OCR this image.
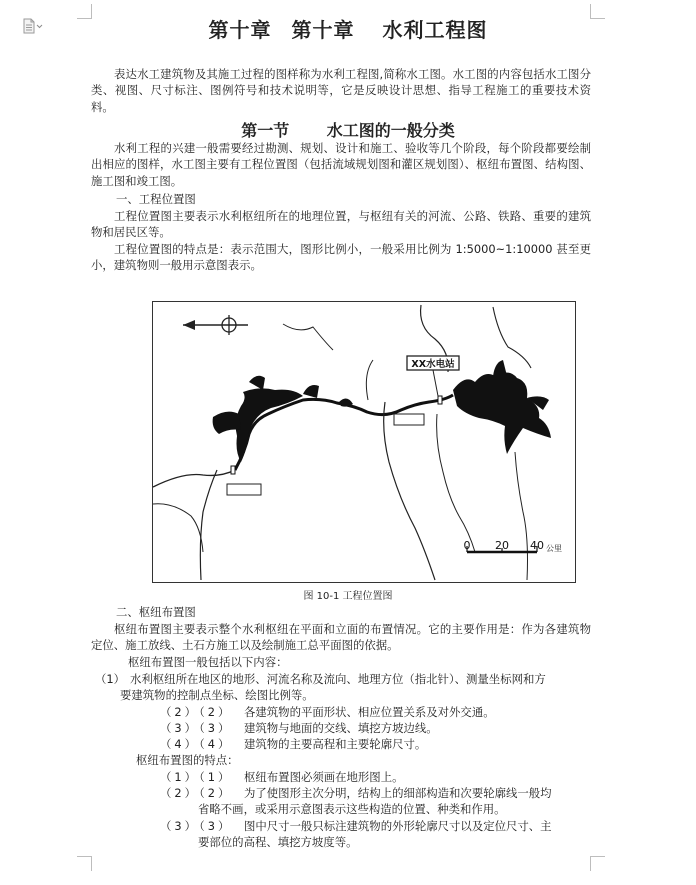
第十章 第十章 水利工程图

表达水工建筑物及其施工过程的图样称为水利工程图,简称水工图。水工图的内容包括水工图分类、视图、尺寸标注、图例符号和技术说明等，它是反映设计思想、指导工程施工的重要技术资料。

第一节 水工图的一般分类

水利工程的兴建一般需要经过勘测、规划、设计和施工、验收等几个阶段，每个阶段都要绘制出相应的图样，水工图主要有工程位置图（包括流域规划图和灌区规划图）、枢纽布置图、结构图、施工图和竣工图。

一、工程位置图

工程位置图主要表示水利枢纽所在的地理位置，与枢纽有关的河流、公路、铁路、重要的建筑物和居民区等。

工程位置图的特点是：表示范围大，图形比例小，一般采用比例为 1:5000~1:10000 甚至更小，建筑物则一般用示意图表示。

XX水电站
0 20 40 公里
图 10-1 工程位置图
二、枢纽布置图

枢纽布置图主要表示整个水利枢纽在平面和立面的布置情况。它的主要作用是：作为各建筑物定位、施工放线、土石方施工以及绘制施工总平面图的依据。

枢纽布置图一般包括以下内容：
（1） 水利枢纽所在地区的地形、河流名称及流向、地理方位（指北针）、测量坐标网和方
要建筑物的控制点坐标、绘图比例等。
（2）（2） 各建筑物的平面形状、相应位置关系及对外交通。
（3）（3） 建筑物与地面的交线、填挖方坡边线。
（4）（4） 建筑物的主要高程和主要轮廓尺寸。
枢纽布置图的特点：
（1）（1） 枢纽布置图必须画在地形图上。
（2）（2） 为了使图形主次分明，结构上的细部构造和次要轮廓线一般均
省略不画，或采用示意图表示这些构造的位置、种类和作用。
（3）（3） 图中尺寸一般只标注建筑物的外形轮廓尺寸以及定位尺寸、主
要部位的高程、填挖方坡度等。
